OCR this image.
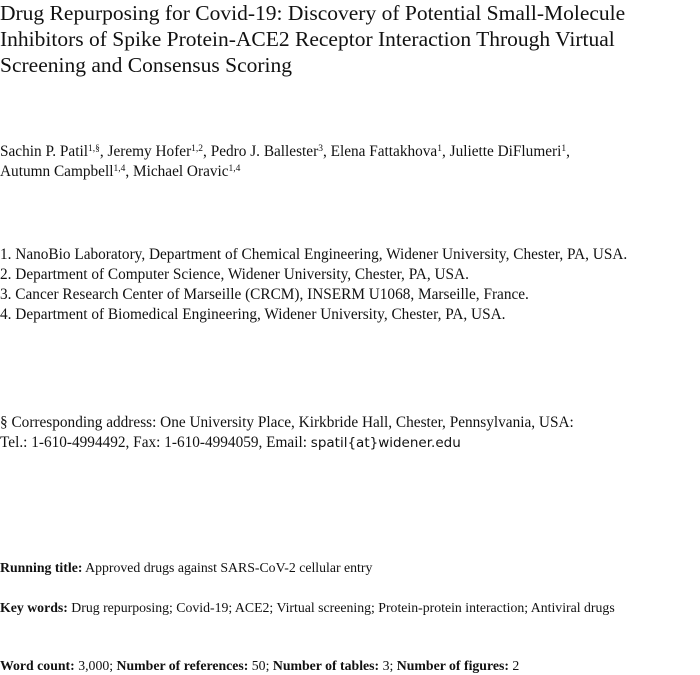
Drug Repurposing for Covid-19: Discovery of Potential Small-Molecule Inhibitors of Spike Protein-ACE2 Receptor Interaction Through Virtual Screening and Consensus Scoring
Sachin P. Patil$^{1,\S}$, Jeremy Hofer$^{1,2}$, Pedro J. Ballester$^3$, Elena Fattakhova$^1$, Juliette DiFlumeri$^1$,
Autumn Campbell$^{1,4}$, Michael Oravic$^{1,4}$
1. NanoBio Laboratory, Department of Chemical Engineering, Widener University, Chester, PA, USA.
2. Department of Computer Science, Widener University, Chester, PA, USA.
3. Cancer Research Center of Marseille (CRCM), INSERM U1068, Marseille, France.
4. Department of Biomedical Engineering, Widener University, Chester, PA, USA.
§ Corresponding address: One University Place, Kirkbride Hall, Chester, Pennsylvania, USA:
Tel.: 1-610-4994492, Fax: 1-610-4994059, Email: spatil{at}widener.edu
Running title: Approved drugs against SARS-CoV-2 cellular entry
Key words: Drug repurposing; Covid-19; ACE2; Virtual screening; Protein-protein interaction; Antiviral drugs
Word count: 3,000; Number of references: 50; Number of tables: 3; Number of figures: 2
